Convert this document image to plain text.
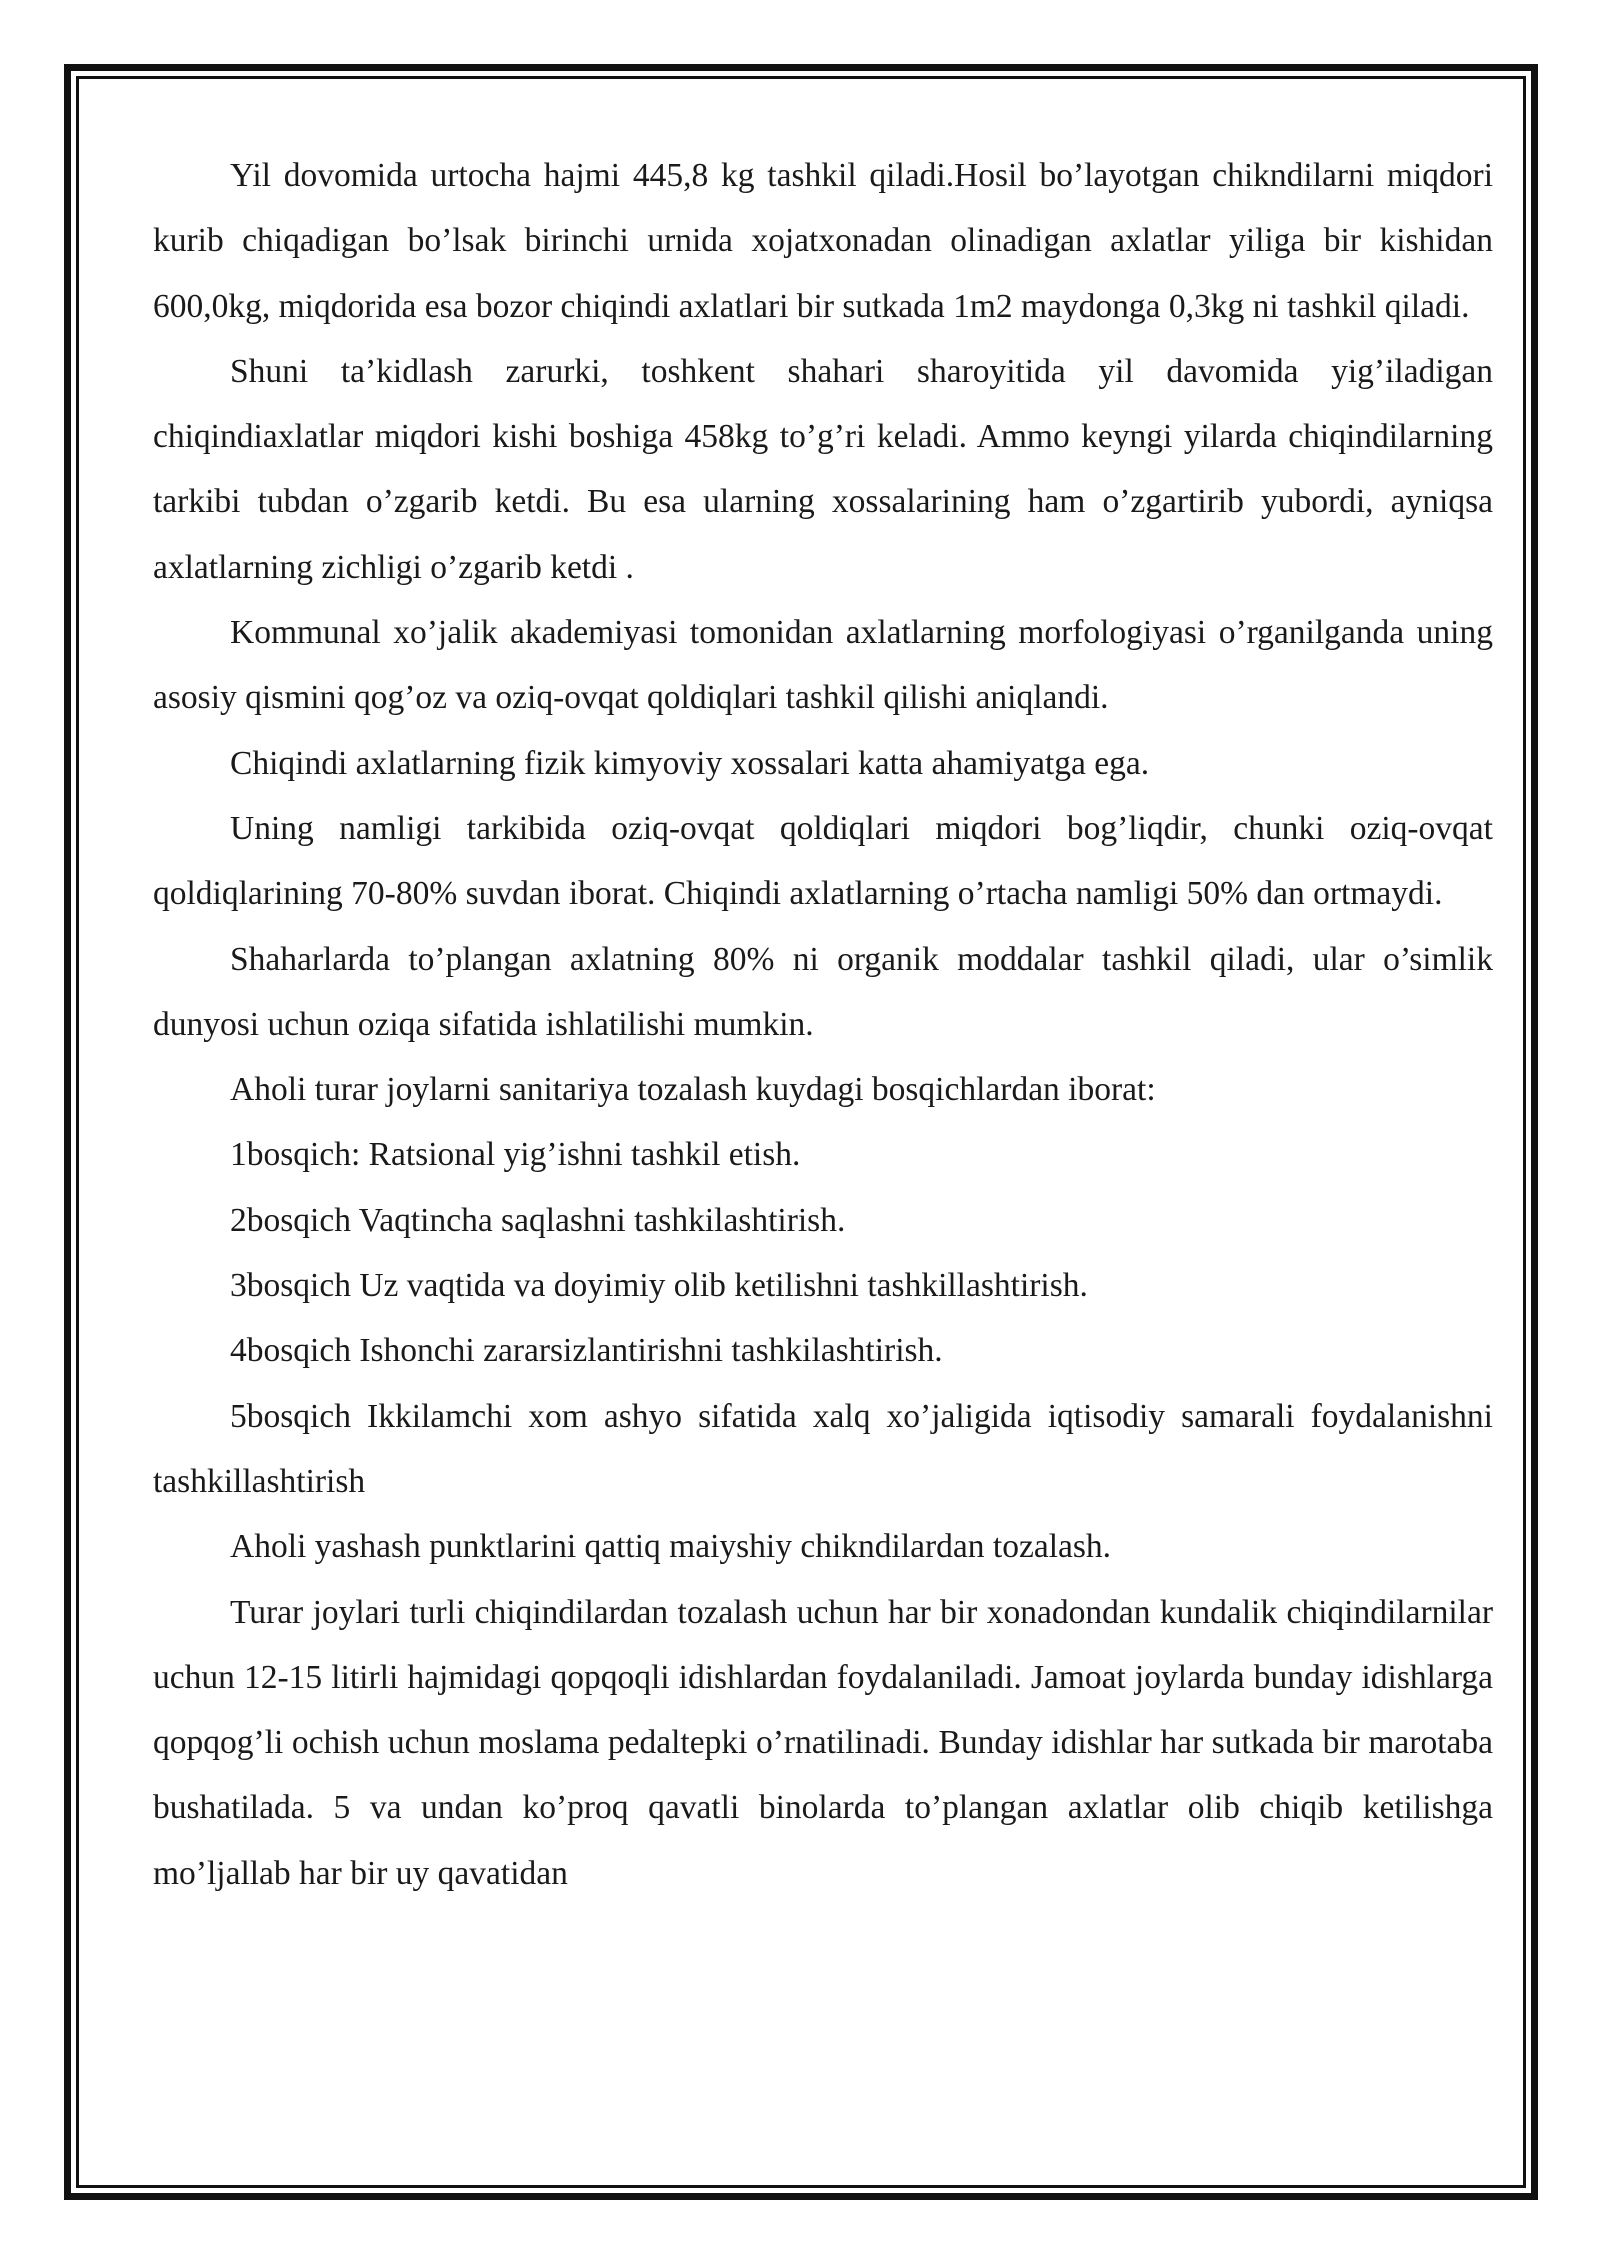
Yil dovomida urtocha hajmi 445,8 kg tashkil qiladi.Hosil bo’layotgan chikndilarni miqdori kurib chiqadigan bo’lsak birinchi urnida xojatxonadan olinadigan axlatlar yiliga bir kishidan 600,0kg, miqdorida esa bozor chiqindi axlatlari bir sutkada 1m2 maydonga 0,3kg ni tashkil qiladi.

Shuni ta’kidlash zarurki, toshkent shahari sharoyitida yil davomida yig’iladigan chiqindiaxlatlar miqdori kishi boshiga 458kg to’g’ri keladi. Ammo keyngi yilarda chiqindilarning tarkibi tubdan o’zgarib ketdi. Bu esa ularning xossalarining ham o’zgartirib yubordi, ayniqsa axlatlarning zichligi o’zgarib ketdi .

Kommunal xo’jalik akademiyasi tomonidan axlatlarning morfologiyasi o’rganilganda uning asosiy qismini qog’oz va oziq-ovqat qoldiqlari tashkil qilishi aniqlandi.

Chiqindi axlatlarning fizik kimyoviy xossalari katta ahamiyatga ega.

Uning namligi tarkibida oziq-ovqat qoldiqlari miqdori bog’liqdir, chunki oziq-ovqat qoldiqlarining 70-80% suvdan iborat. Chiqindi axlatlarning o’rtacha namligi 50% dan ortmaydi.

Shaharlarda to’plangan axlatning 80% ni organik moddalar tashkil qiladi, ular o’simlik dunyosi uchun oziqa sifatida ishlatilishi mumkin.

Aholi turar joylarni sanitariya tozalash kuydagi bosqichlardan iborat:

1bosqich: Ratsional yig’ishni tashkil etish.

2bosqich Vaqtincha saqlashni tashkilashtirish.

3bosqich Uz vaqtida va doyimiy olib ketilishni tashkillashtirish.

4bosqich Ishonchi zararsizlantirishni tashkilashtirish.

5bosqich Ikkilamchi xom ashyo sifatida xalq xo’jaligida iqtisodiy samarali foydalanishni tashkillashtirish

Aholi yashash punktlarini qattiq maiyshiy chikndilardan tozalash.

Turar joylari turli chiqindilardan tozalash uchun har bir xonadondan kundalik chiqindilarnilar uchun 12-15 litirli hajmidagi qopqoqli idishlardan foydalaniladi. Jamoat joylarda bunday idishlarga qopqog’li ochish uchun moslama pedaltepki o’rnatilinadi. Bunday idishlar har sutkada bir marotaba bushatilada. 5 va undan ko’proq qavatli binolarda to’plangan axlatlar olib chiqib ketilishga mo’ljallab har bir uy qavatidan
